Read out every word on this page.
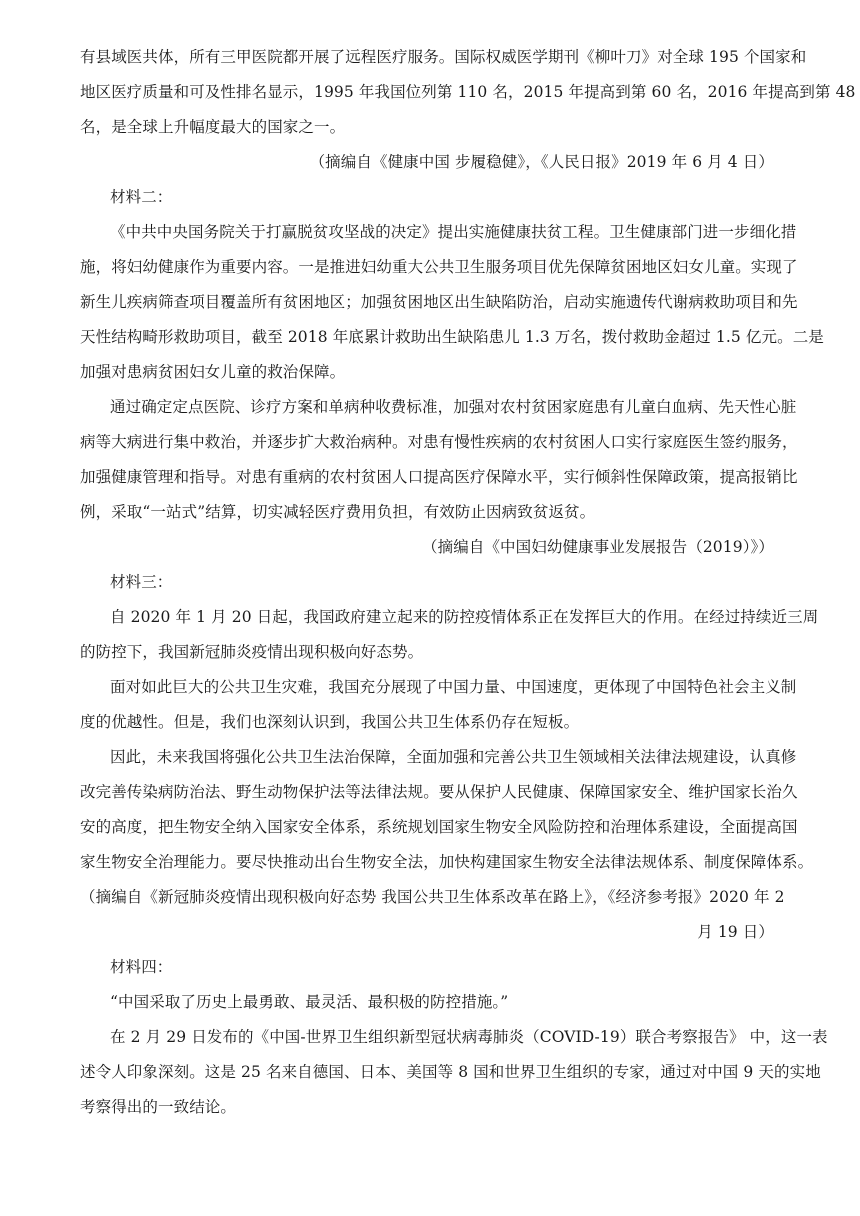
有县域医共体，所有三甲医院都开展了远程医疗服务。国际权威医学期刊《柳叶刀》对全球 195 个国家和
地区医疗质量和可及性排名显示，1995 年我国位列第 110 名，2015 年提高到第 60 名，2016 年提高到第 48
名，是全球上升幅度最大的国家之一。
（摘编自《健康中国 步履稳健》，《人民日报》2019 年 6 月 4 日）
材料二：
《中共中央国务院关于打赢脱贫攻坚战的决定》提出实施健康扶贫工程。卫生健康部门进一步细化措
施，将妇幼健康作为重要内容。一是推进妇幼重大公共卫生服务项目优先保障贫困地区妇女儿童。实现了
新生儿疾病筛查项目覆盖所有贫困地区；加强贫困地区出生缺陷防治，启动实施遗传代谢病救助项目和先
天性结构畸形救助项目，截至 2018 年底累计救助出生缺陷患儿 1.3 万名，拨付救助金超过 1.5 亿元。二是
加强对患病贫困妇女儿童的救治保障。
通过确定定点医院、诊疗方案和单病种收费标准，加强对农村贫困家庭患有儿童白血病、先天性心脏
病等大病进行集中救治，并逐步扩大救治病种。对患有慢性疾病的农村贫困人口实行家庭医生签约服务，
加强健康管理和指导。对患有重病的农村贫困人口提高医疗保障水平，实行倾斜性保障政策，提高报销比
例，采取“一站式”结算，切实减轻医疗费用负担，有效防止因病致贫返贫。
（摘编自《中国妇幼健康事业发展报告（2019）》）
材料三：
自 2020 年 1 月 20 日起，我国政府建立起来的防控疫情体系正在发挥巨大的作用。在经过持续近三周
的防控下，我国新冠肺炎疫情出现积极向好态势。
面对如此巨大的公共卫生灾难，我国充分展现了中国力量、中国速度，更体现了中国特色社会主义制
度的优越性。但是，我们也深刻认识到，我国公共卫生体系仍存在短板。
因此，未来我国将强化公共卫生法治保障，全面加强和完善公共卫生领域相关法律法规建设，认真修
改完善传染病防治法、野生动物保护法等法律法规。要从保护人民健康、保障国家安全、维护国家长治久
安的高度，把生物安全纳入国家安全体系，系统规划国家生物安全风险防控和治理体系建设，全面提高国
家生物安全治理能力。要尽快推动出台生物安全法，加快构建国家生物安全法律法规体系、制度保障体系。
（摘编自《新冠肺炎疫情出现积极向好态势 我国公共卫生体系改革在路上》，《经济参考报》2020 年 2
月 19 日）
材料四：
“中国采取了历史上最勇敢、最灵活、最积极的防控措施。”
在 2 月 29 日发布的《中国-世界卫生组织新型冠状病毒肺炎（COVID-19）联合考察报告》 中，这一表
述令人印象深刻。这是 25 名来自德国、日本、美国等 8 国和世界卫生组织的专家，通过对中国 9 天的实地
考察得出的一致结论。
